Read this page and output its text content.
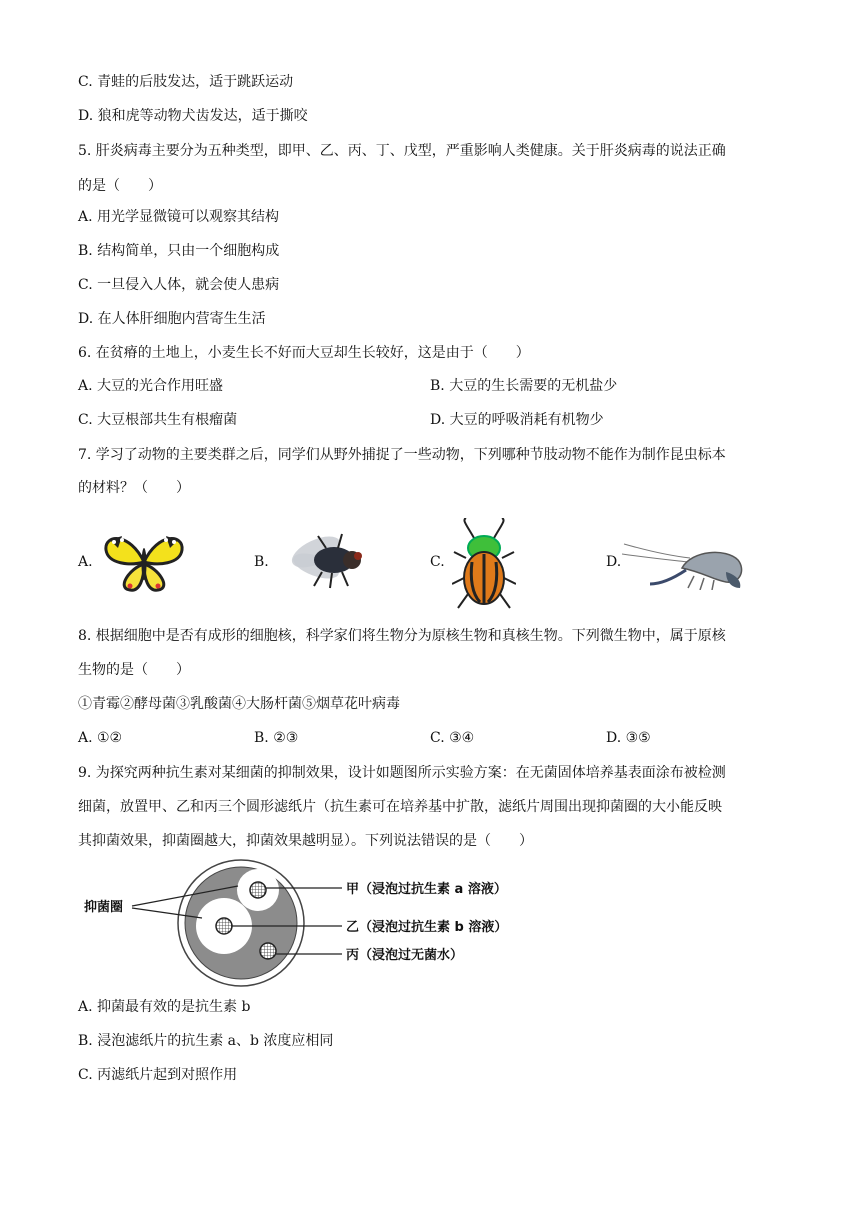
C. 青蛙的后肢发达，适于跳跃运动
D. 狼和虎等动物犬齿发达，适于撕咬
5. 肝炎病毒主要分为五种类型，即甲、乙、丙、丁、戊型，严重影响人类健康。关于肝炎病毒的说法正确
的是（　　）
A. 用光学显微镜可以观察其结构
B. 结构简单，只由一个细胞构成
C. 一旦侵入人体，就会使人患病
D. 在人体肝细胞内营寄生生活
6. 在贫瘠的土地上，小麦生长不好而大豆却生长较好，这是由于（　　）
A. 大豆的光合作用旺盛	B. 大豆的生长需要的无机盐少
C. 大豆根部共生有根瘤菌	D. 大豆的呼吸消耗有机物少
7. 学习了动物的主要类群之后，同学们从野外捕捉了一些动物，下列哪种节肢动物不能作为制作昆虫标本
的材料？（　　）
A.	B.	C.	D.
8. 根据细胞中是否有成形的细胞核，科学家们将生物分为原核生物和真核生物。下列微生物中，属于原核
生物的是（　　）
①青霉②酵母菌③乳酸菌④大肠杆菌⑤烟草花叶病毒
A. ①②	B. ②③	C. ③④	D. ③⑤
9. 为探究两种抗生素对某细菌的抑制效果，设计如题图所示实验方案：在无菌固体培养基表面涂布被检测
细菌，放置甲、乙和丙三个圆形滤纸片（抗生素可在培养基中扩散，滤纸片周围出现抑菌圈的大小能反映
其抑菌效果，抑菌圈越大，抑菌效果越明显）。下列说法错误的是（　　）
抑菌圈
甲（浸泡过抗生素 a 溶液）
乙（浸泡过抗生素 b 溶液）
丙（浸泡过无菌水）
A. 抑菌最有效的是抗生素 b
B. 浸泡滤纸片的抗生素 a、b 浓度应相同
C. 丙滤纸片起到对照作用
